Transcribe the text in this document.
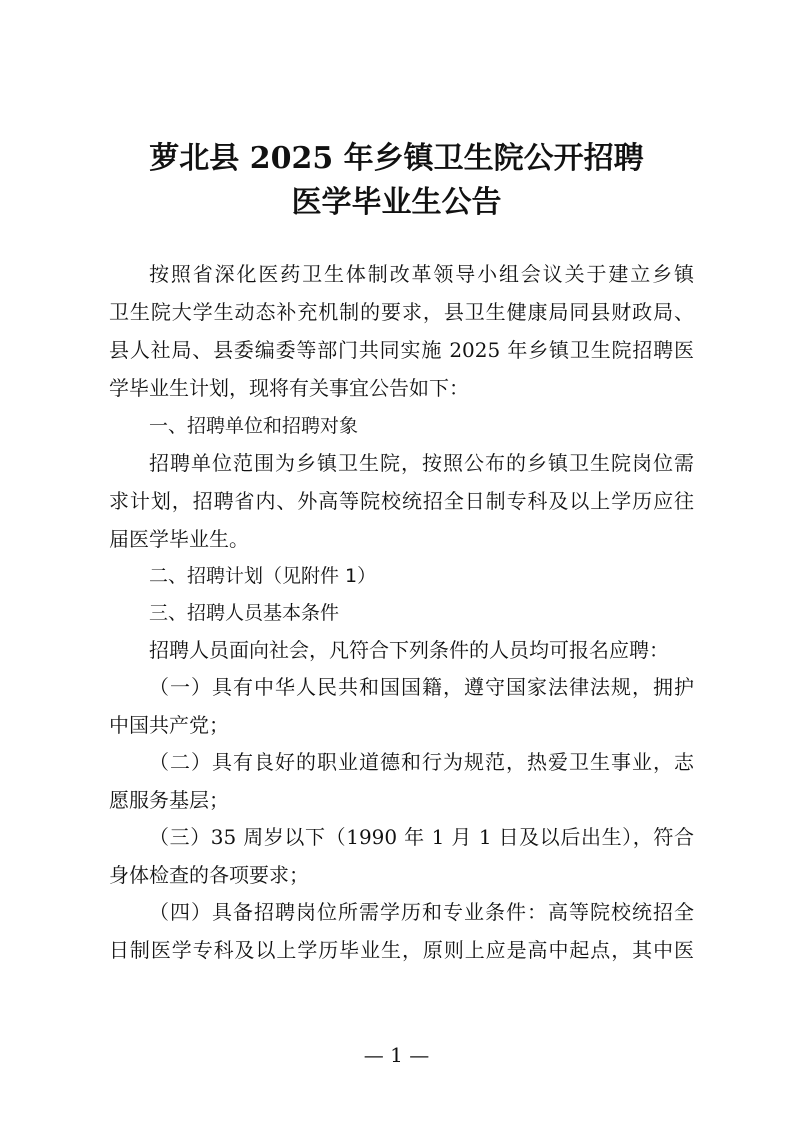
萝北县 2025 年乡镇卫生院公开招聘
医学毕业生公告
按照省深化医药卫生体制改革领导小组会议关于建立乡镇
卫生院大学生动态补充机制的要求，县卫生健康局同县财政局、
县人社局、县委编委等部门共同实施 2025 年乡镇卫生院招聘医
学毕业生计划，现将有关事宜公告如下：
一、招聘单位和招聘对象
招聘单位范围为乡镇卫生院，按照公布的乡镇卫生院岗位需
求计划，招聘省内、外高等院校统招全日制专科及以上学历应往
届医学毕业生。
二、招聘计划（见附件 1）
三、招聘人员基本条件
招聘人员面向社会，凡符合下列条件的人员均可报名应聘：
（一）具有中华人民共和国国籍，遵守国家法律法规，拥护
中国共产党；
（二）具有良好的职业道德和行为规范，热爱卫生事业，志
愿服务基层；
（三）35 周岁以下（1990 年 1 月 1 日及以后出生），符合
身体检查的各项要求；
（四）具备招聘岗位所需学历和专业条件：高等院校统招全
日制医学专科及以上学历毕业生，原则上应是高中起点，其中医
— 1 —
